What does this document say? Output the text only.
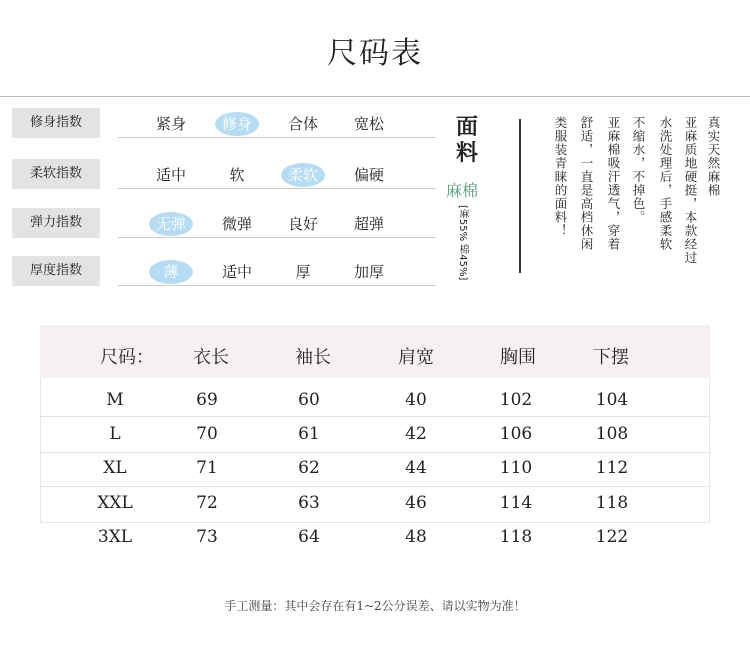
尺码表
修身指数	紧身	修身	合体	宽松
柔软指数	适中	软	柔软	偏硬
弹力指数	无弹	微弹	良好	超弹
厚度指数	薄	适中	厚	加厚
面料
麻棉
[麻55% 棉45%]
真实天然麻棉
亚麻质地硬挺，本款经过
水洗处理后，手感柔软
不缩水，不掉色。
亚麻棉吸汗透气，穿着
舒适，一直是高档休闲
类服装青睐的面料！
尺码：	衣长	袖长	肩宽	胸围	下摆
M	69	60	40	102	104
L	70	61	42	106	108
XL	71	62	44	110	112
XXL	72	63	46	114	118
3XL	73	64	48	118	122
手工测量：其中会存在有1~2公分误差、请以实物为准！
